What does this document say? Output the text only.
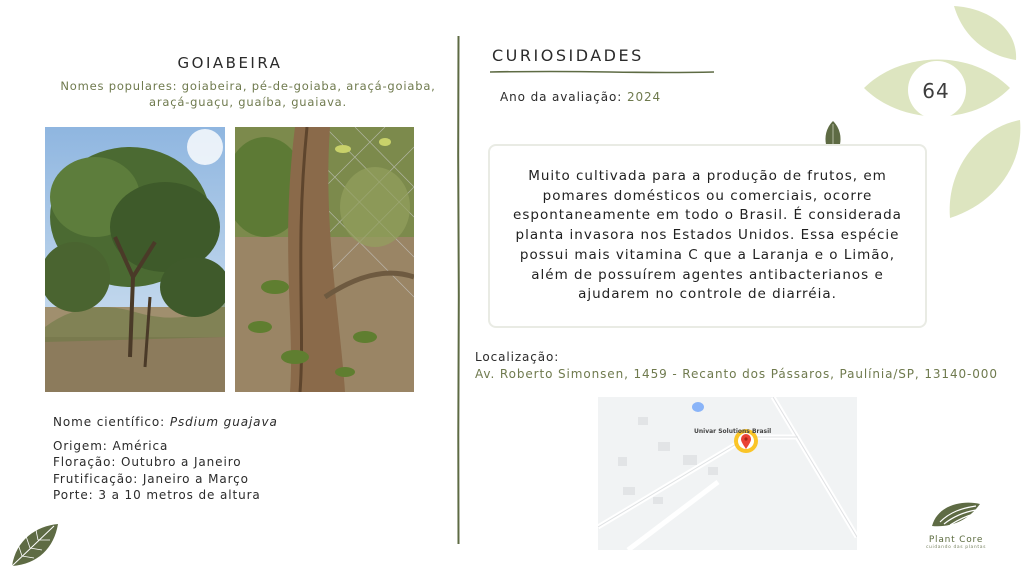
GOIABEIRA
Nomes populares: goiabeira, pé-de-goiaba, araçá-goiaba, araçá-guaçu, guaíba, guaiava.
Nome científico: Psdium guajava
Origem: América
Floração: Outubro a Janeiro
Frutificação: Janeiro a Março
Porte: 3 a 10 metros de altura
CURIOSIDADES
Ano da avaliação: 2024

Muito cultivada para a produção de frutos, em pomares domésticos ou comerciais, ocorre espontaneamente em todo o Brasil. É considerada planta invasora nos Estados Unidos. Essa espécie possui mais vitamina C que a Laranja e o Limão, além de possuírem agentes antibacterianos e ajudarem no controle de diarréia.

Localização:
Av. Roberto Simonsen, 1459 - Recanto dos Pássaros, Paulínia/SP, 13140-000
Univar Solutions Brasil
64
Plant Core
cuidando das plantas
